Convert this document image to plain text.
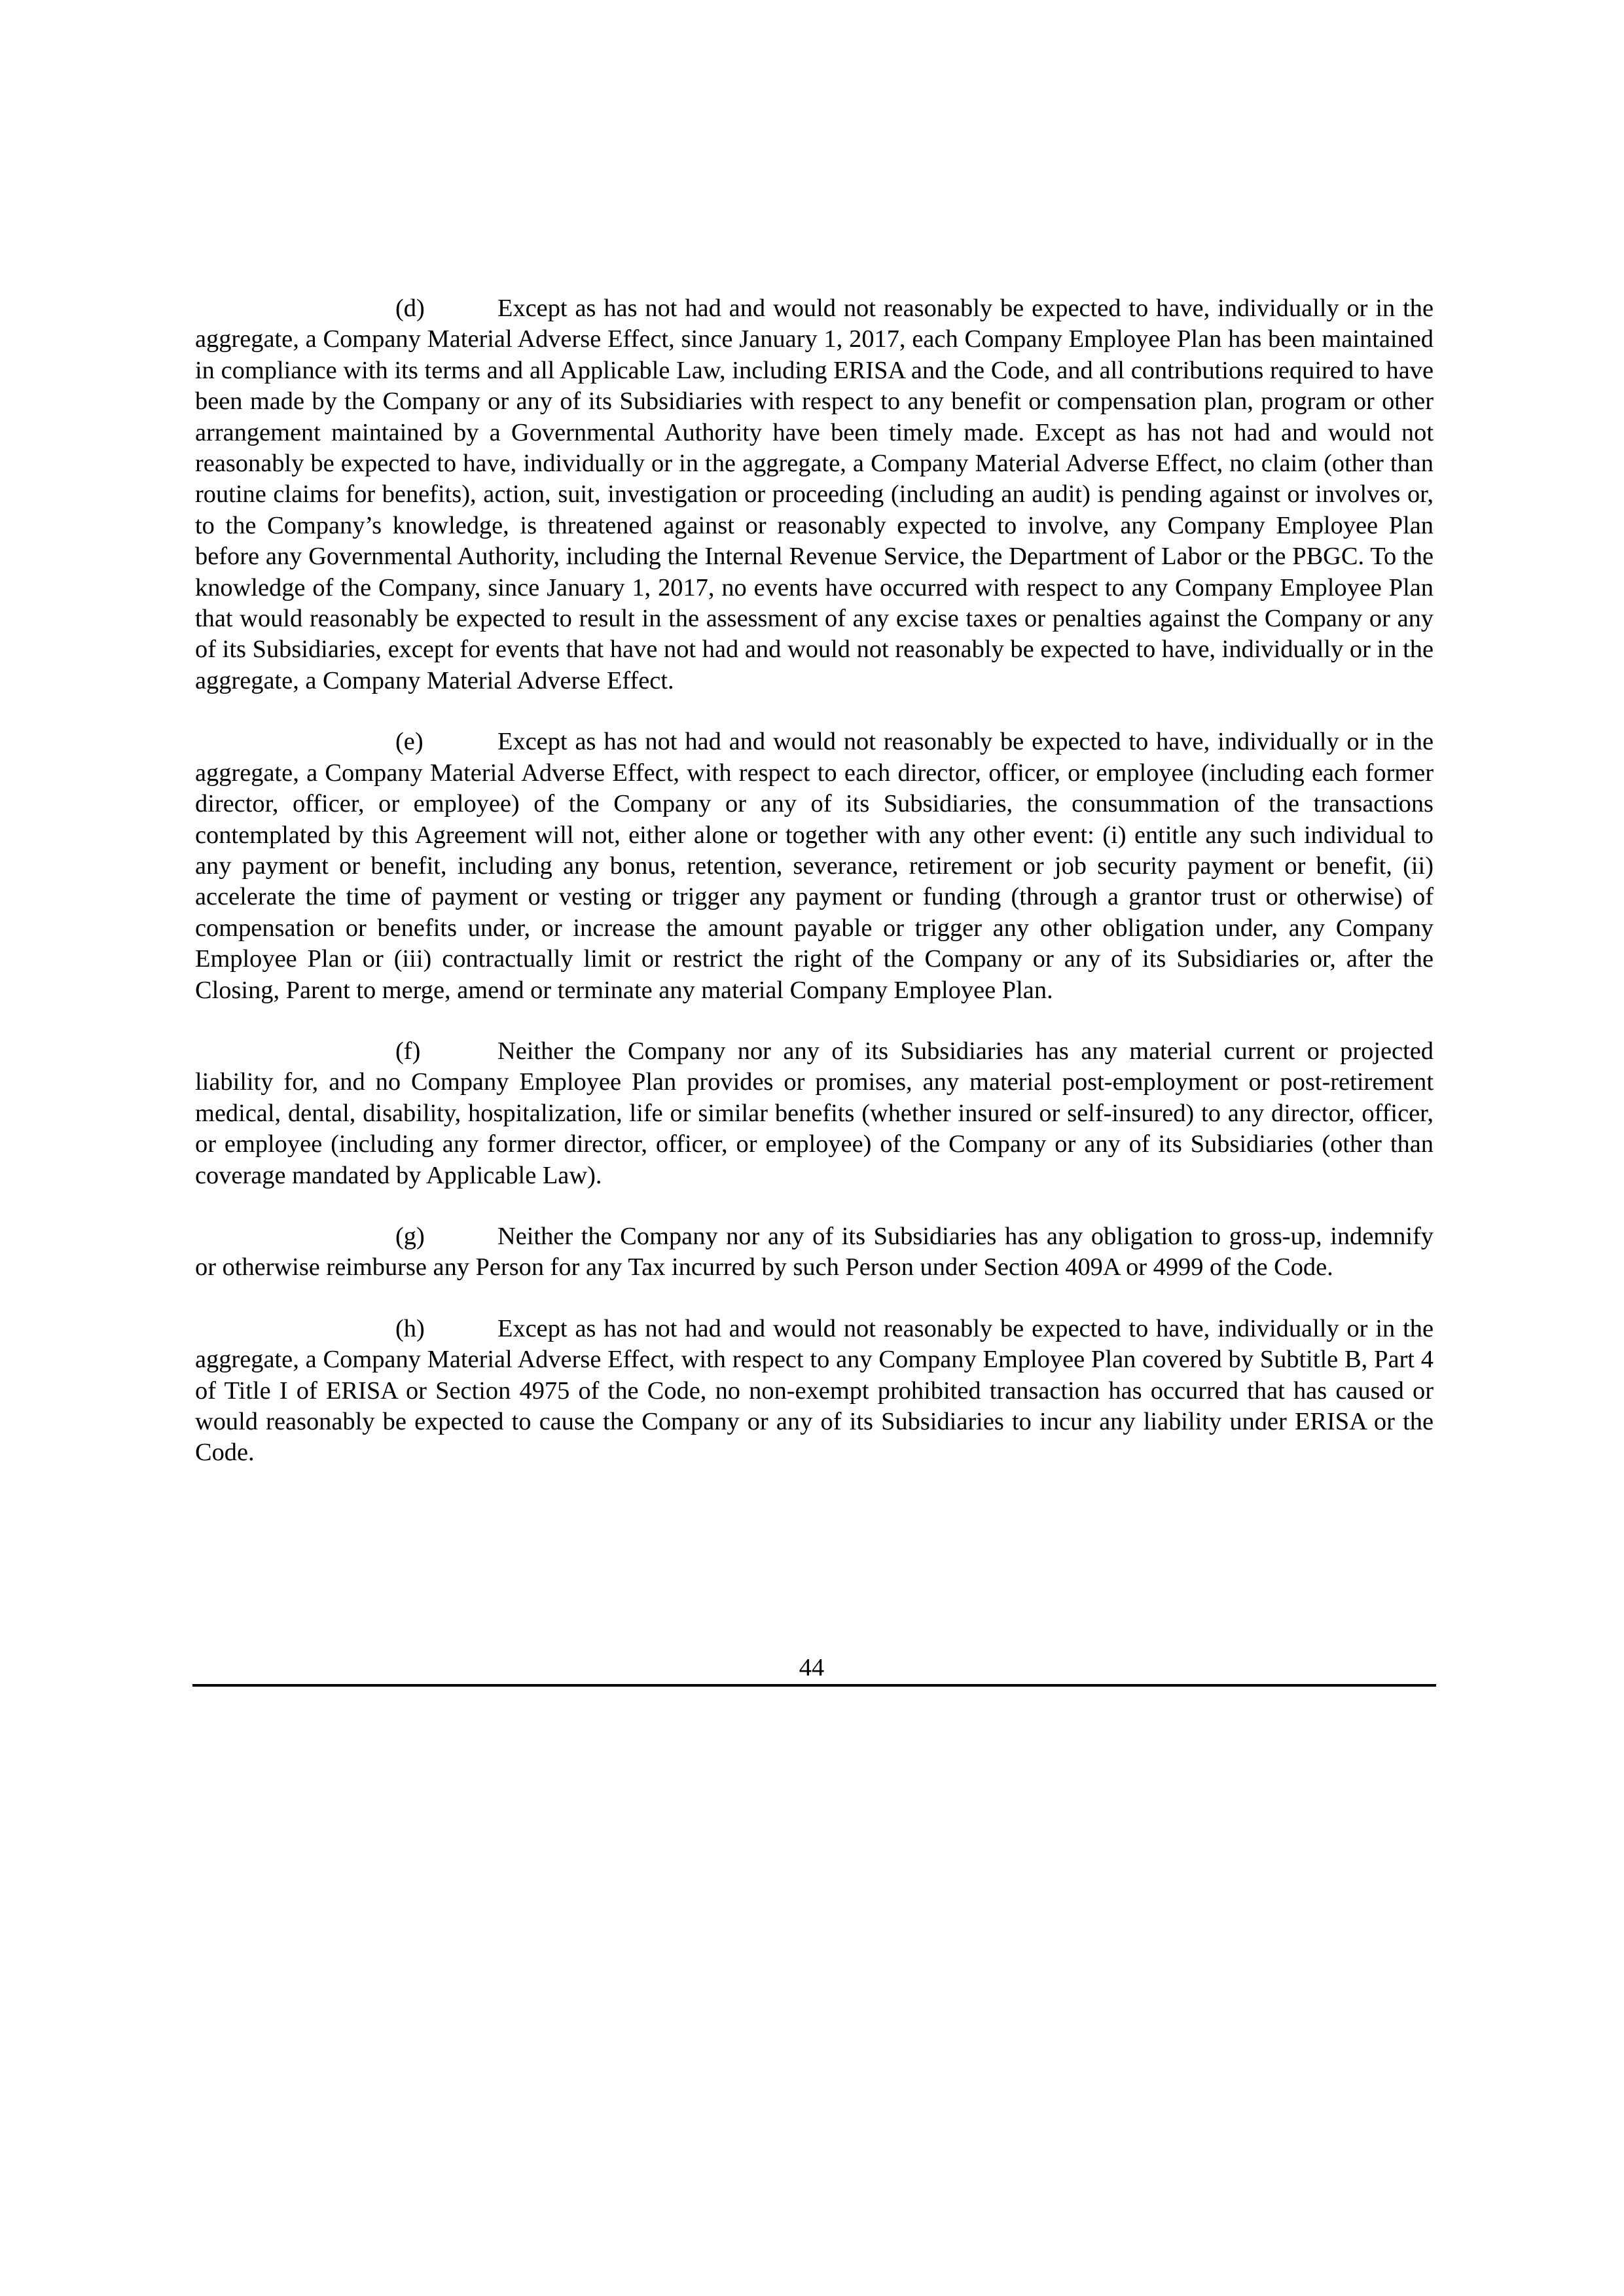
(d)	Except as has not had and would not reasonably be expected to have, individually or in the aggregate, a Company Material Adverse Effect, since January 1, 2017, each Company Employee Plan has been maintained in compliance with its terms and all Applicable Law, including ERISA and the Code, and all contributions required to have been made by the Company or any of its Subsidiaries with respect to any benefit or compensation plan, program or other arrangement maintained by a Governmental Authority have been timely made. Except as has not had and would not reasonably be expected to have, individually or in the aggregate, a Company Material Adverse Effect, no claim (other than routine claims for benefits), action, suit, investigation or proceeding (including an audit) is pending against or involves or, to the Company’s knowledge, is threatened against or reasonably expected to involve, any Company Employee Plan before any Governmental Authority, including the Internal Revenue Service, the Department of Labor or the PBGC. To the knowledge of the Company, since January 1, 2017, no events have occurred with respect to any Company Employee Plan that would reasonably be expected to result in the assessment of any excise taxes or penalties against the Company or any of its Subsidiaries, except for events that have not had and would not reasonably be expected to have, individually or in the aggregate, a Company Material Adverse Effect.

(e)	Except as has not had and would not reasonably be expected to have, individually or in the aggregate, a Company Material Adverse Effect, with respect to each director, officer, or employee (including each former director, officer, or employee) of the Company or any of its Subsidiaries, the consummation of the transactions contemplated by this Agreement will not, either alone or together with any other event: (i) entitle any such individual to any payment or benefit, including any bonus, retention, severance, retirement or job security payment or benefit, (ii) accelerate the time of payment or vesting or trigger any payment or funding (through a grantor trust or otherwise) of compensation or benefits under, or increase the amount payable or trigger any other obligation under, any Company Employee Plan or (iii) contractually limit or restrict the right of the Company or any of its Subsidiaries or, after the Closing, Parent to merge, amend or terminate any material Company Employee Plan.

(f)	Neither the Company nor any of its Subsidiaries has any material current or projected liability for, and no Company Employee Plan provides or promises, any material post-employment or post-retirement medical, dental, disability, hospitalization, life or similar benefits (whether insured or self-insured) to any director, officer, or employee (including any former director, officer, or employee) of the Company or any of its Subsidiaries (other than coverage mandated by Applicable Law).

(g)	Neither the Company nor any of its Subsidiaries has any obligation to gross-up, indemnify or otherwise reimburse any Person for any Tax incurred by such Person under Section 409A or 4999 of the Code.

(h)	Except as has not had and would not reasonably be expected to have, individually or in the aggregate, a Company Material Adverse Effect, with respect to any Company Employee Plan covered by Subtitle B, Part 4 of Title I of ERISA or Section 4975 of the Code, no non-exempt prohibited transaction has occurred that has caused or would reasonably be expected to cause the Company or any of its Subsidiaries to incur any liability under ERISA or the Code.

44
